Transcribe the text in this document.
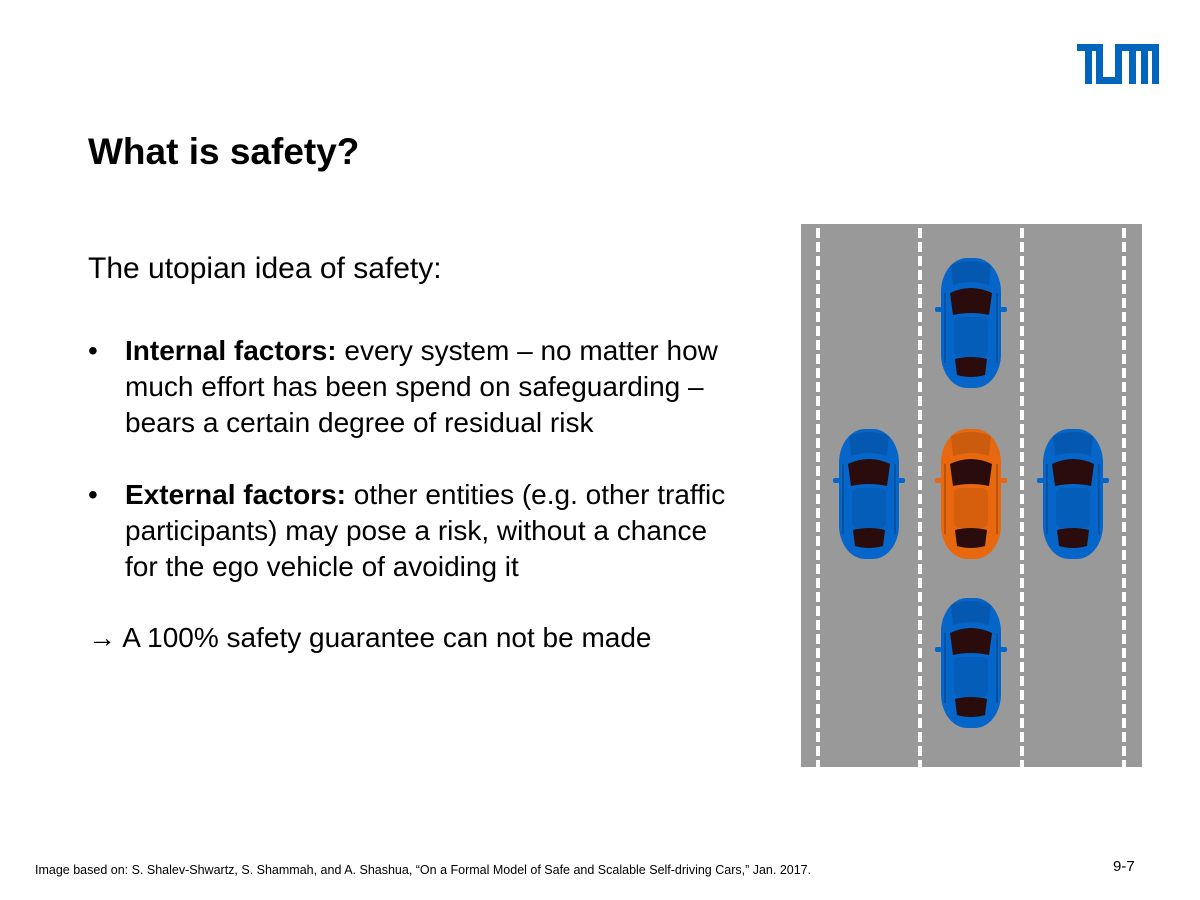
What is safety?
The utopian idea of safety:
• Internal factors: every system – no matter how
much effort has been spend on safeguarding –
bears a certain degree of residual risk
• External factors: other entities (e.g. other traffic
participants) may pose a risk, without a chance
for the ego vehicle of avoiding it
→ A 100% safety guarantee can not be made
Image based on: S. Shalev-Shwartz, S. Shammah, and A. Shashua, “On a Formal Model of Safe and Scalable Self-driving Cars,” Jan. 2017.	9-7
